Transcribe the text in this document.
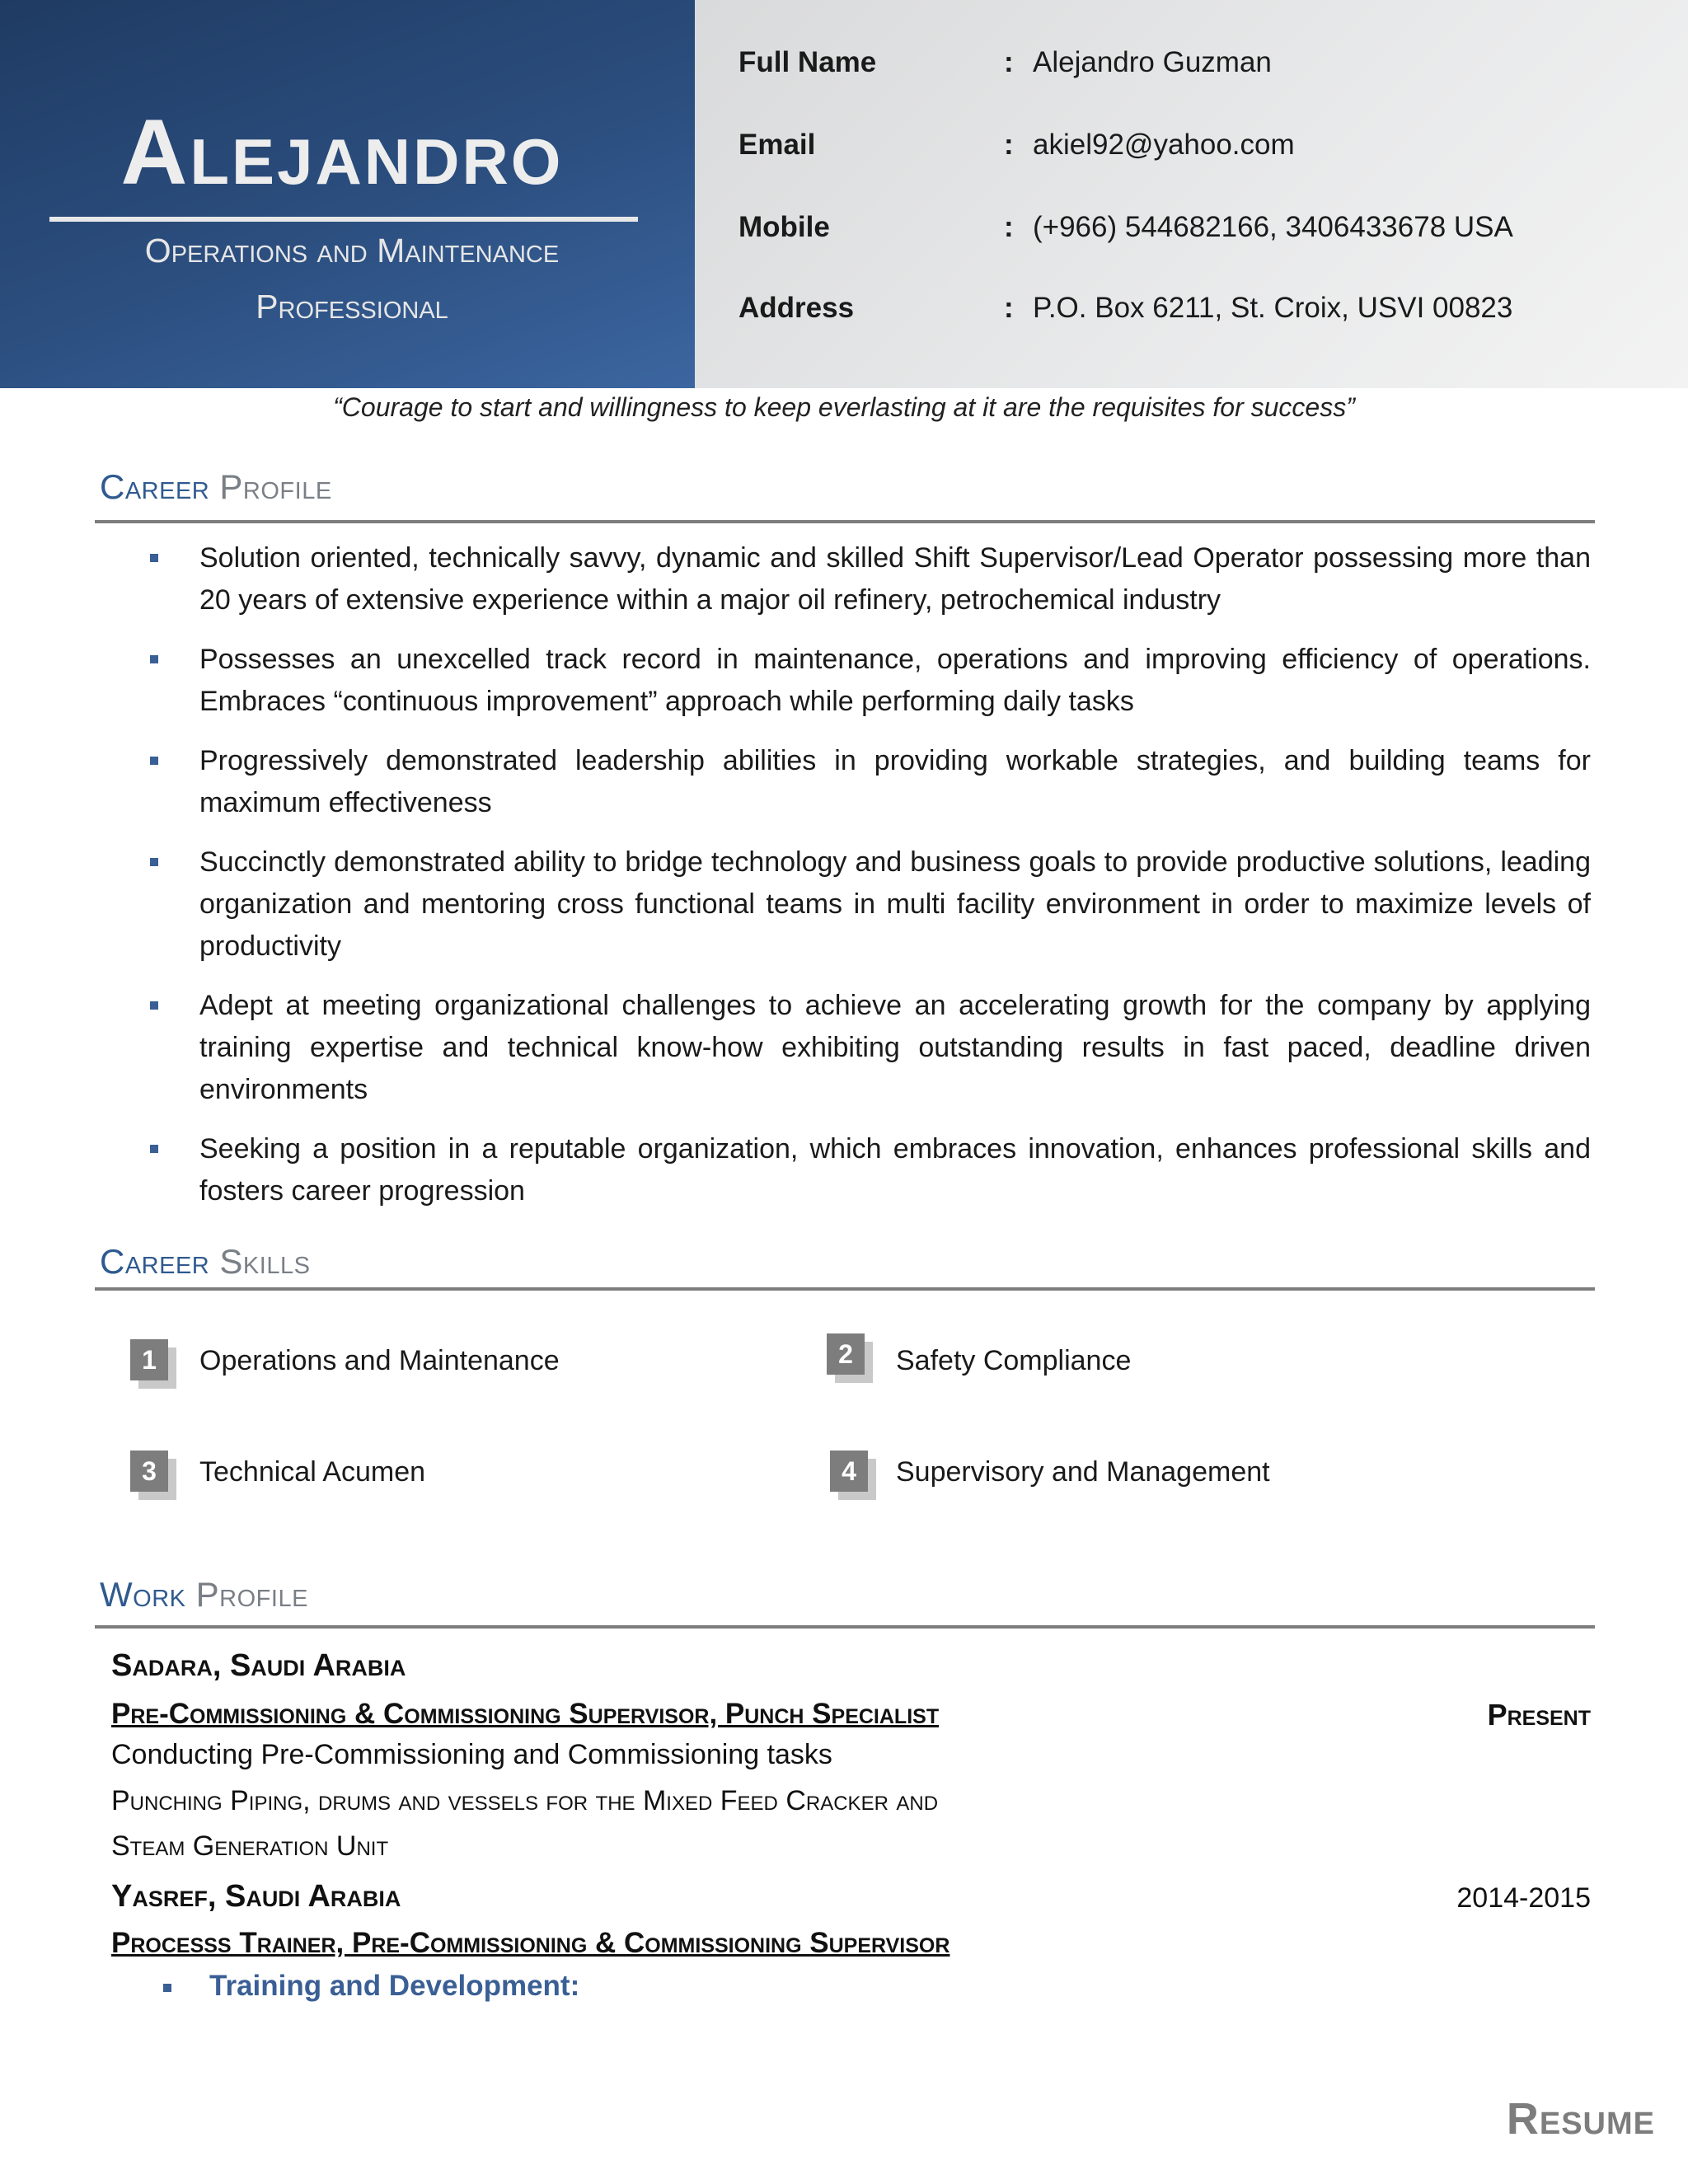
Alejandro
Operations and Maintenance
Professional
Full Name	: Alejandro Guzman
Email	: akiel92@yahoo.com
Mobile	: (+966) 544682166, 3406433678 USA
Address	: P.O. Box 6211, St. Croix, USVI 00823
“Courage to start and willingness to keep everlasting at it are the requisites for success”
Career Profile
Solution oriented, technically savvy, dynamic and skilled Shift Supervisor/Lead Operator possessing more than 20 years of extensive experience within a major oil refinery, petrochemical industry
Possesses an unexcelled track record in maintenance, operations and improving efficiency of operations. Embraces “continuous improvement” approach while performing daily tasks
Progressively demonstrated leadership abilities in providing workable strategies, and building teams for maximum effectiveness
Succinctly demonstrated ability to bridge technology and business goals to provide productive solutions, leading organization and mentoring cross functional teams in multi facility environment in order to maximize levels of productivity
Adept at meeting organizational challenges to achieve an accelerating growth for the company by applying training expertise and technical know-how exhibiting outstanding results in fast paced, deadline driven environments
Seeking a position in a reputable organization, which embraces innovation, enhances professional skills and fosters career progression
Career Skills
1	Operations and Maintenance	2	Safety Compliance
3	Technical Acumen	4	Supervisory and Management
Work Profile
Sadara, Saudi Arabia
Pre-Commissioning & Commissioning Supervisor, Punch Specialist	Present
Conducting Pre-Commissioning and Commissioning tasks
Punching Piping, drums and vessels for the Mixed Feed Cracker and
Steam Generation Unit
Yasref, Saudi Arabia	2014-2015
Processs Trainer, Pre-Commissioning & Commissioning Supervisor
Training and Development:
Resume
